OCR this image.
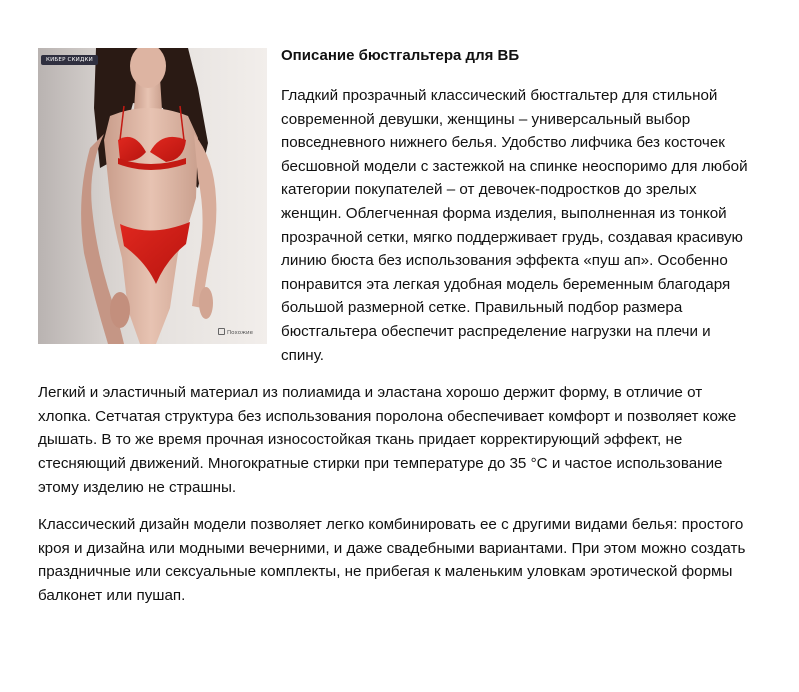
КИБЕР СКИДКИ
Похожие
Описание бюстгальтера для ВБ

Гладкий прозрачный классический бюстгальтер для стильной современной девушки, женщины – универсальный выбор повседневного нижнего белья. Удобство лифчика без косточек бесшовной модели с застежкой на спинке неоспоримо для любой категории покупателей – от девочек-подростков до зрелых женщин. Облегченная форма изделия, выполненная из тонкой прозрачной сетки, мягко поддерживает грудь, создавая красивую линию бюста без использования эффекта «пуш ап». Особенно понравится эта легкая удобная модель беременным благодаря большой размерной сетке. Правильный подбор размера бюстгальтера обеспечит распределение нагрузки на плечи и спину.

Легкий и эластичный материал из полиамида и эластана хорошо держит форму, в отличие от хлопка. Сетчатая структура без использования поролона обеспечивает комфорт и позволяет коже дышать. В то же время прочная износостойкая ткань придает корректирующий эффект, не стесняющий движений. Многократные стирки при температуре до 35 °С и частое использование этому изделию не страшны.

Классический дизайн модели позволяет легко комбинировать ее с другими видами белья: простого кроя и дизайна или модными вечерними, и даже свадебными вариантами. При этом можно создать праздничные или сексуальные комплекты, не прибегая к маленьким уловкам эротической формы балконет или пушап.
